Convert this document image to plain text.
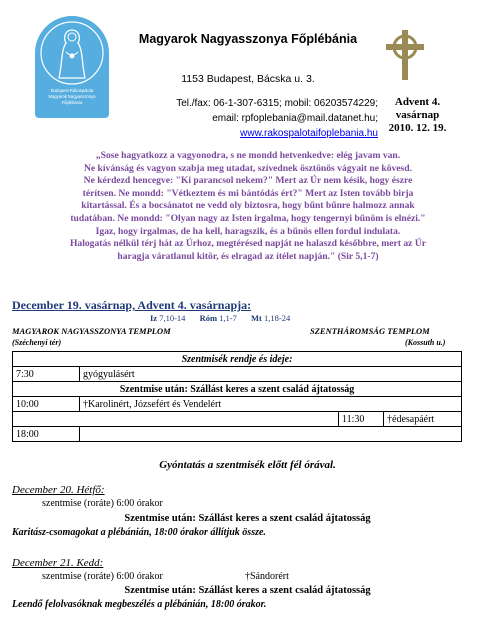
Budapest-Rákospalota
Magyarok Nagyasszonya
Főplébánia
Magyarok Nagyasszonya Főplébánia
1153 Budapest, Bácska u. 3.
Tel./fax: 06-1-307-6315; mobil: 06203574229;
email: rpfoplebania@mail.datanet.hu;
www.rakospalotaifoplebania.hu
Advent 4.
vasárnap
2010. 12. 19.
„Sose hagyatkozz a vagyonodra, s ne mondd hetvenkedve: elég javam van.
Ne kívánság és vagyon szabja meg utadat, szívednek ösztönös vágyait ne kövesd.
Ne kérdezd hencegve: "Ki parancsol nekem?" Mert az Úr nem késik, hogy észre
térítsen. Ne mondd: "Vétkeztem és mi bántódás ért?" Mert az Isten tovább birja
kitartással. És a bocsánatot ne vedd oly biztosra, hogy bűnt bűnre halmozz annak
tudatában. Ne mondd: "Olyan nagy az Isten irgalma, hogy tengernyi bűnöm is elnézi."
Igaz, hogy irgalmas, de ha kell, haragszik, és a bűnös ellen fordul indulata.
Halogatás nélkül térj hát az Úrhoz, megtérésed napját ne halaszd későbbre, mert az Úr
haragja váratlanul kitör, és elragad az ítélet napján." (Sir 5,1-7)
December 19. vasárnap, Advent 4. vasárnapja:
Iz 7,10-14 Róm 1,1-7 Mt 1,18-24
MAGYAROK NAGYASSZONYA TEMPLOM	SZENTHÁROMSÁG TEMPLOM
(Széchenyi tér)	(Kossuth u.)
Szentmisék rendje és ideje:			
7:30	gyógyulásért		
Szentmise után: Szállást keres a szent család ájtatosság			
10:00	†Karolinért, Józsefért és Vendelért		
		11:30	†édesapáért
18:00			
Gyóntatás a szentmisék előtt fél órával.
December 20. Hétfő:
szentmise (roráte) 6:00 órakor
Szentmise után: Szállást keres a szent család ájtatosság
Karitász-csomagokat a plébánián, 18:00 órakor állítjuk össze.
December 21. Kedd:
szentmise (roráte) 6:00 órakor	†Sándorért
Szentmise után: Szállást keres a szent család ájtatosság
Leendő felolvasóknak megbeszélés a plébánián, 18:00 órakor.
